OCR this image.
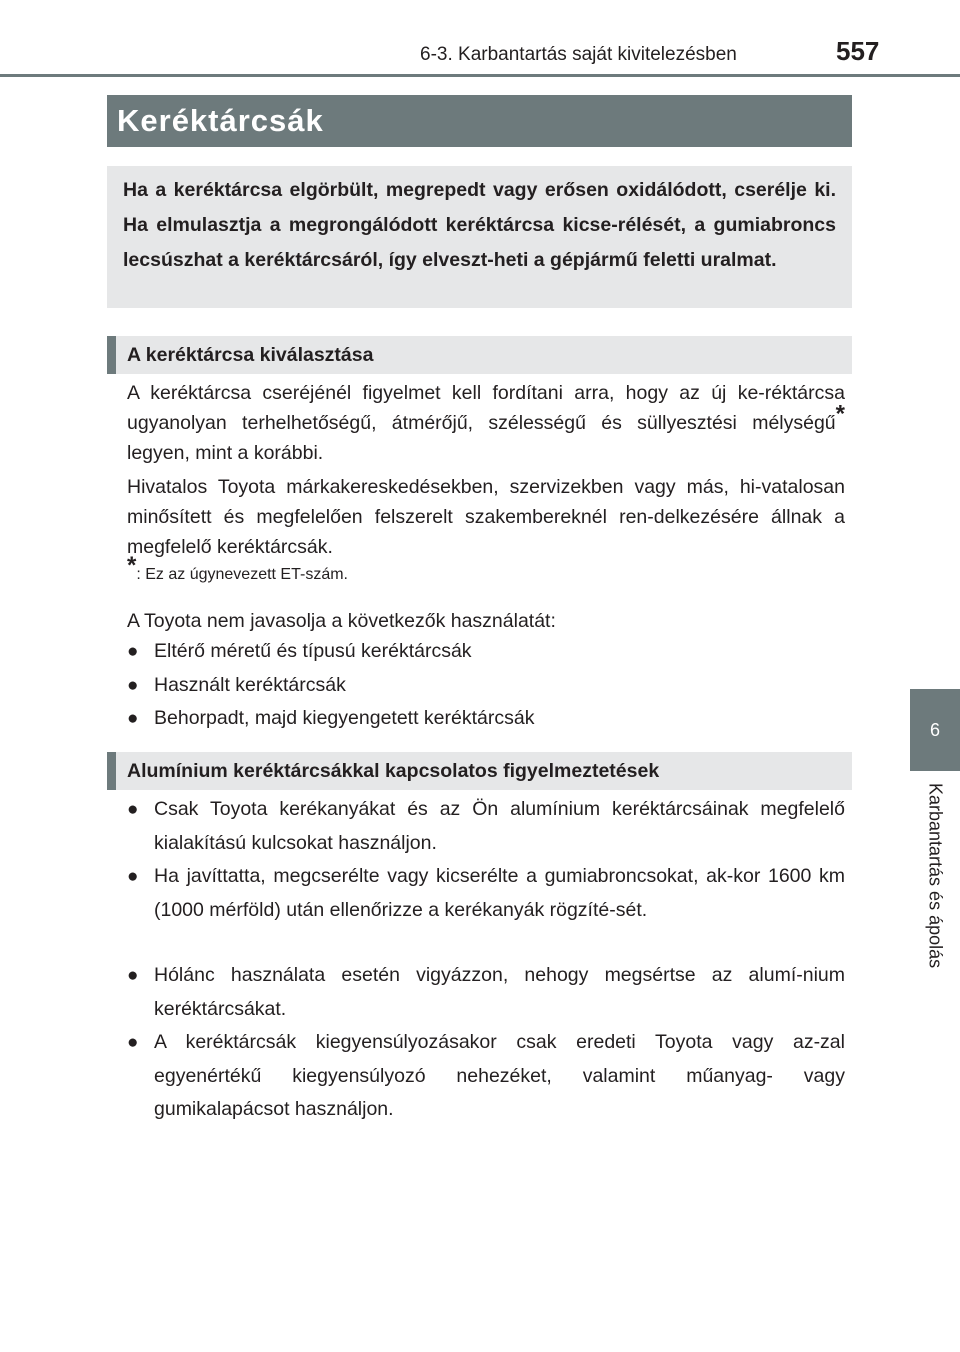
6-3. Karbantartás saját kivitelezésben	557
6
Karbantartás és ápolás
Keréktárcsák
Ha a keréktárcsa elgörbült, megrepedt vagy erősen oxidálódott, cserélje ki. Ha elmulasztja a megrongálódott keréktárcsa kicse-rélését, a gumiabroncs lecsúszhat a keréktárcsáról, így elveszt-heti a gépjármű feletti uralmat.
A keréktárcsa kiválasztása
A keréktárcsa cseréjénél figyelmet kell fordítani arra, hogy az új ke-réktárcsa ugyanolyan terhelhetőségű, átmérőjű, szélességű és süllyesztési mélységű* legyen, mint a korábbi.
Hivatalos Toyota márkakereskedésekben, szervizekben vagy más, hi-vatalosan minősített és megfelelően felszerelt szakembereknél ren-delkezésére állnak a megfelelő keréktárcsák.
*: Ez az úgynevezett ET-szám.
A Toyota nem javasolja a következők használatát:
● Eltérő méretű és típusú keréktárcsák
● Használt keréktárcsák
● Behorpadt, majd kiegyengetett keréktárcsák
Alumínium keréktárcsákkal kapcsolatos figyelmeztetések
● Csak Toyota kerékanyákat és az Ön alumínium keréktárcsáinak megfelelő kialakítású kulcsokat használjon.
● Ha javíttatta, megcserélte vagy kicserélte a gumiabroncsokat, ak-kor 1600 km (1000 mérföld) után ellenőrizze a kerékanyák rögzíté-sét.
● Hólánc használata esetén vigyázzon, nehogy megsértse az alumí-nium keréktárcsákat.
● A keréktárcsák kiegyensúlyozásakor csak eredeti Toyota vagy az-zal egyenértékű kiegyensúlyozó nehezéket, valamint műanyag- vagy gumikalapácsot használjon.
